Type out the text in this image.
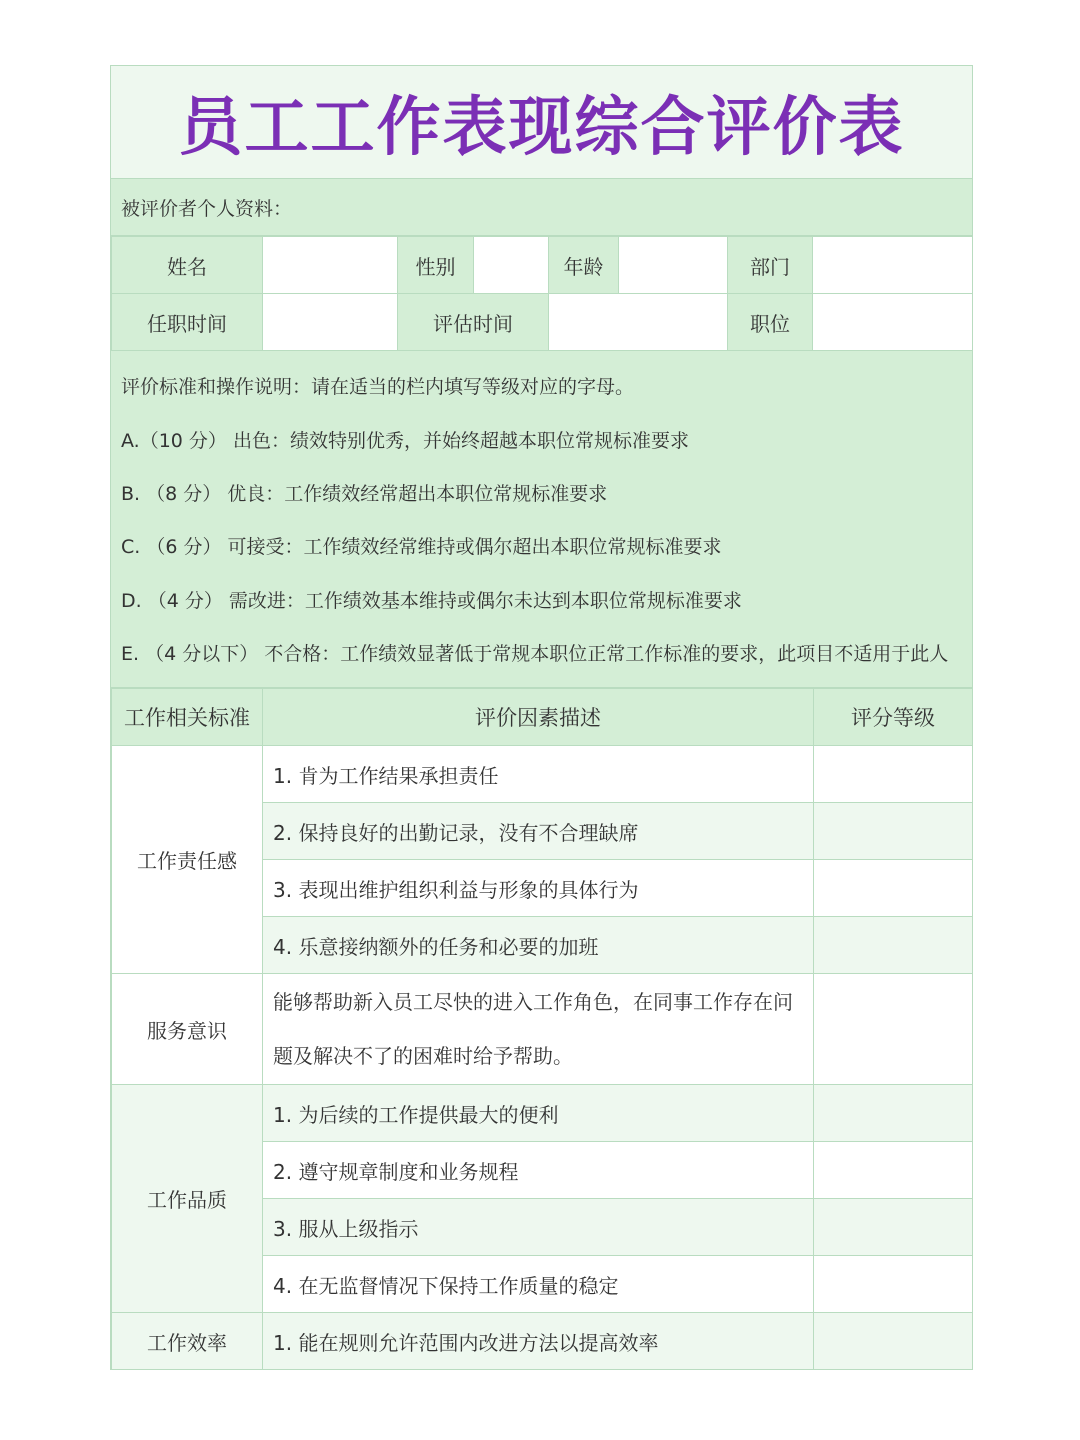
员工工作表现综合评价表
被评价者个人资料：
姓名		性别		年龄		部门	
任职时间		评估时间				职位	
评价标准和操作说明：请在适当的栏内填写等级对应的字母。
A.（10 分） 出色：绩效特别优秀，并始终超越本职位常规标准要求
B. （8 分） 优良：工作绩效经常超出本职位常规标准要求
C. （6 分） 可接受：工作绩效经常维持或偶尔超出本职位常规标准要求
D. （4 分） 需改进：工作绩效基本维持或偶尔未达到本职位常规标准要求
E. （4 分以下） 不合格：工作绩效显著低于常规本职位正常工作标准的要求，此项目不适用于此人
工作相关标准	评价因素描述	评分等级
工作责任感	1. 肯为工作结果承担责任	
	2. 保持良好的出勤记录，没有不合理缺席	
	3. 表现出维护组织利益与形象的具体行为	
	4. 乐意接纳额外的任务和必要的加班	
服务意识	能够帮助新入员工尽快的进入工作角色，在同事工作存在问
题及解决不了的困难时给予帮助。	

工作品质	1. 为后续的工作提供最大的便利	
	2. 遵守规章制度和业务规程	
	3. 服从上级指示	
	4. 在无监督情况下保持工作质量的稳定	
工作效率	1. 能在规则允许范围内改进方法以提高效率	
